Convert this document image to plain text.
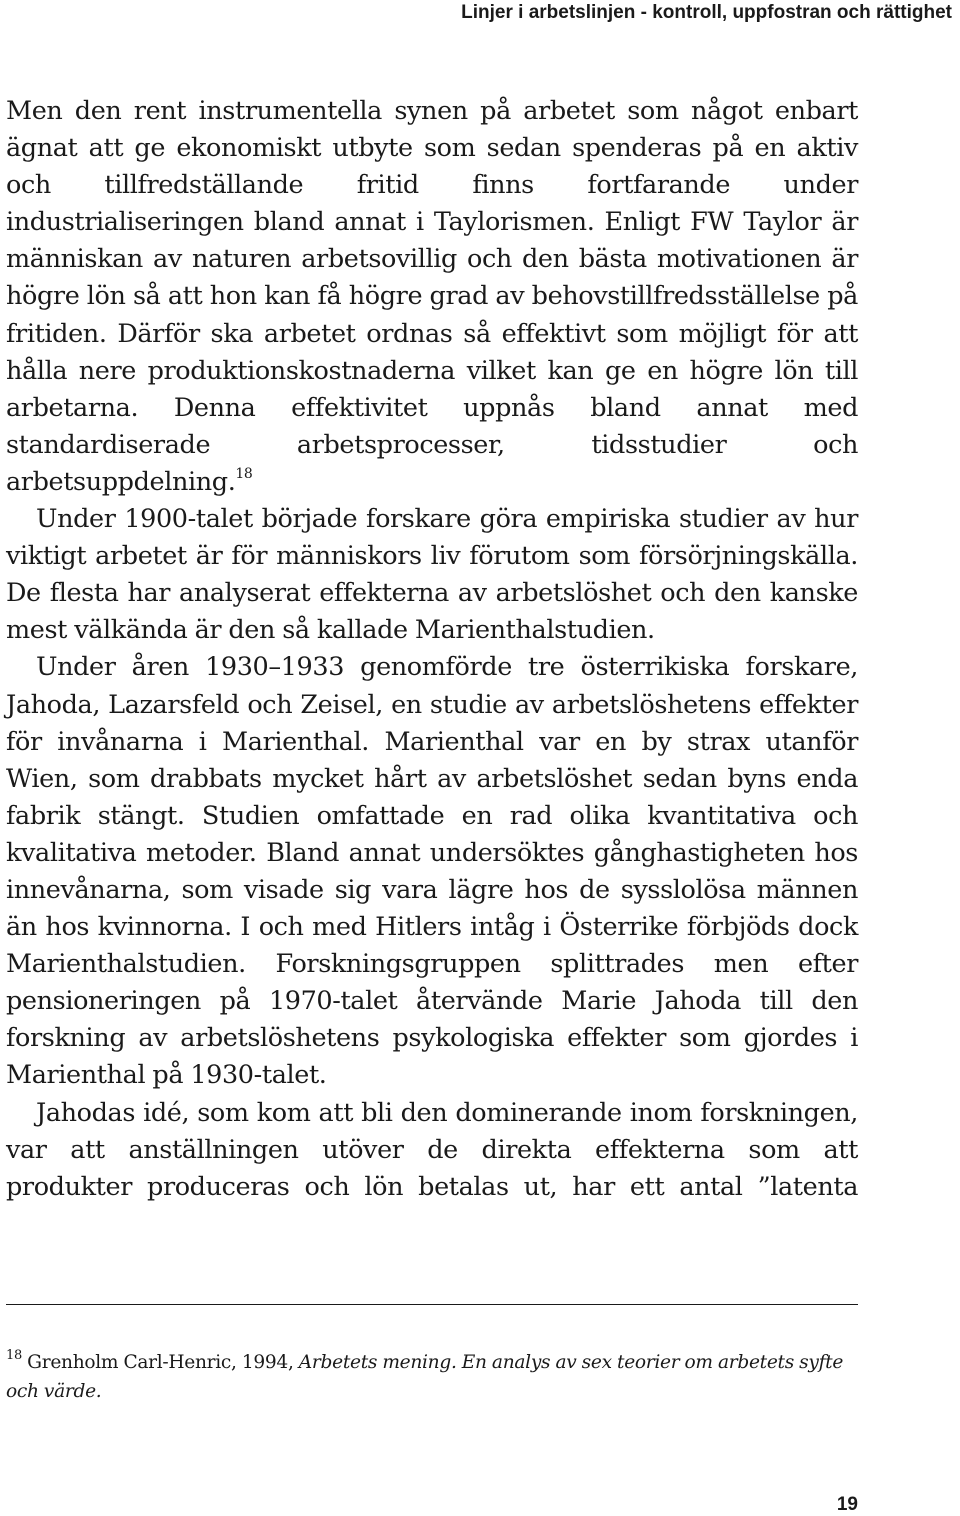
Linjer i arbetslinjen - kontroll, uppfostran och rättighet

Men den rent instrumentella synen på arbetet som något enbart ägnat att ge ekonomiskt utbyte som sedan spenderas på en aktiv och tillfredställande fritid finns fortfarande under industrialiseringen bland annat i Taylorismen. Enligt FW Taylor är människan av naturen arbetsovillig och den bästa motivationen är högre lön så att hon kan få högre grad av behovstillfredsställelse på fritiden. Därför ska arbetet ordnas så effektivt som möjligt för att hålla nere produktionskostnaderna vilket kan ge en högre lön till arbetarna. Denna effektivitet uppnås bland annat med standardiserade arbetsprocesser, tidsstudier och arbetsuppdelning.$^{18}$

Under 1900-talet började forskare göra empiriska studier av hur viktigt arbetet är för människors liv förutom som försörjningskälla. De flesta har analyserat effekterna av arbetslöshet och den kanske mest välkända är den så kallade Marienthalstudien.

Under åren 1930–1933 genomförde tre österrikiska forskare, Jahoda, Lazarsfeld och Zeisel, en studie av arbetslöshetens effekter för invånarna i Marienthal. Marienthal var en by strax utanför Wien, som drabbats mycket hårt av arbetslöshet sedan byns enda fabrik stängt. Studien omfattade en rad olika kvantitativa och kvalitativa metoder. Bland annat undersöktes gånghastigheten hos innevånarna, som visade sig vara lägre hos de sysslolösa männen än hos kvinnorna. I och med Hitlers intåg i Österrike förbjöds dock Marienthalstudien. Forskningsgruppen splittrades men efter pensioneringen på 1970-talet återvände Marie Jahoda till den forskning av arbetslöshetens psykologiska effekter som gjordes i Marienthal på 1930-talet.

Jahodas idé, som kom att bli den dominerande inom forskningen, var att anställningen utöver de direkta effekterna som att produkter produceras och lön betalas ut, har ett antal ”latenta

$^{18}$ Grenholm Carl-Henric, 1994, Arbetets mening. En analys av sex teorier om arbetets syfte och värde.

19
